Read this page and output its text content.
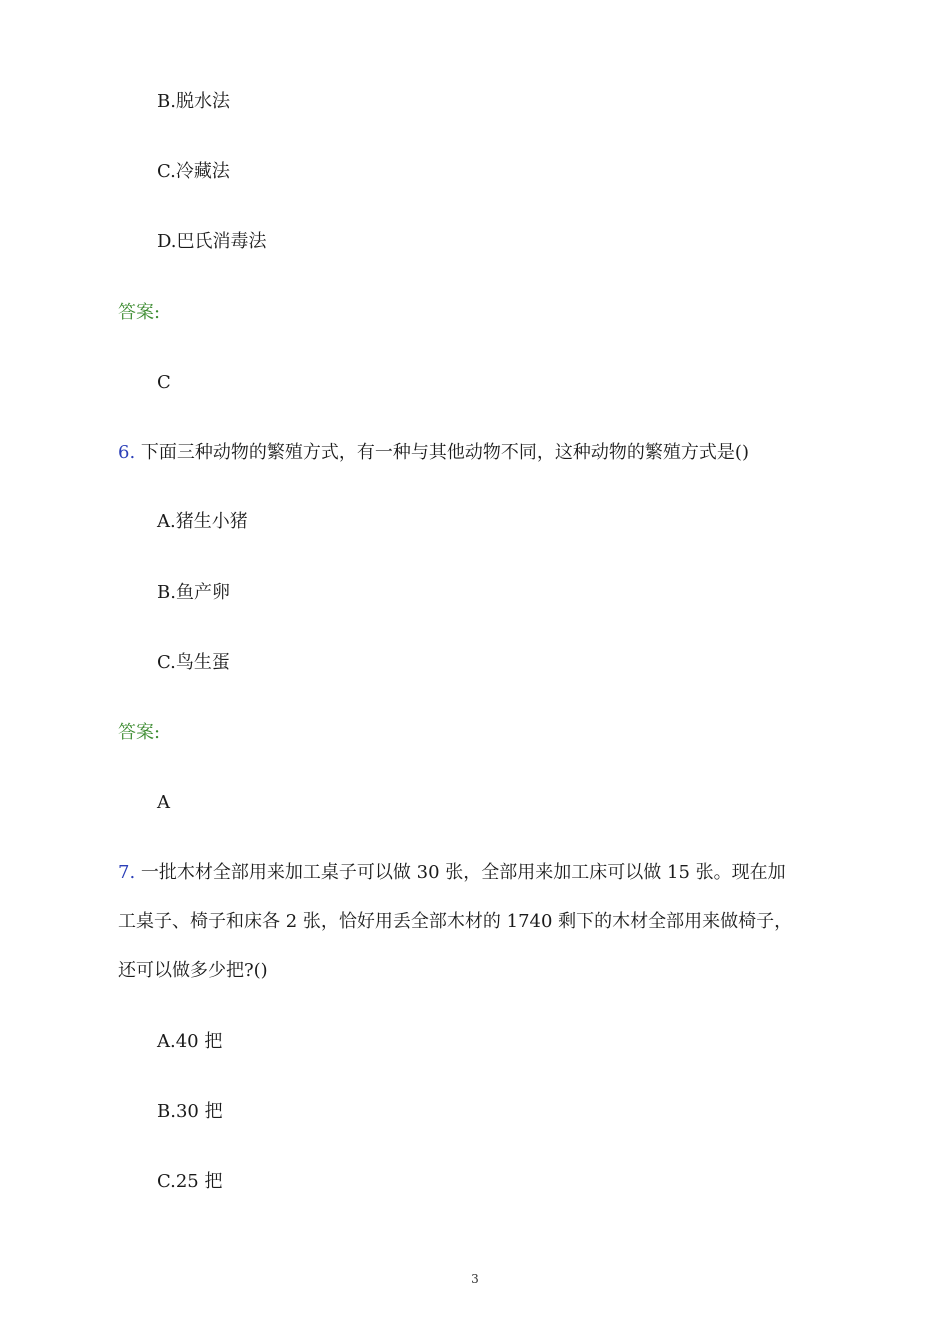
B.脱水法
C.冷藏法
D.巴氏消毒法
答案:
C
6. 下面三种动物的繁殖方式，有一种与其他动物不同，这种动物的繁殖方式是()
A.猪生小猪
B.鱼产卵
C.鸟生蛋
答案:
A
7. 一批木材全部用来加工桌子可以做 30 张，全部用来加工床可以做 15 张。现在加
工桌子、椅子和床各 2 张，恰好用丢全部木材的 1740 剩下的木材全部用来做椅子，
还可以做多少把?()
A.40 把
B.30 把
C.25 把
3
